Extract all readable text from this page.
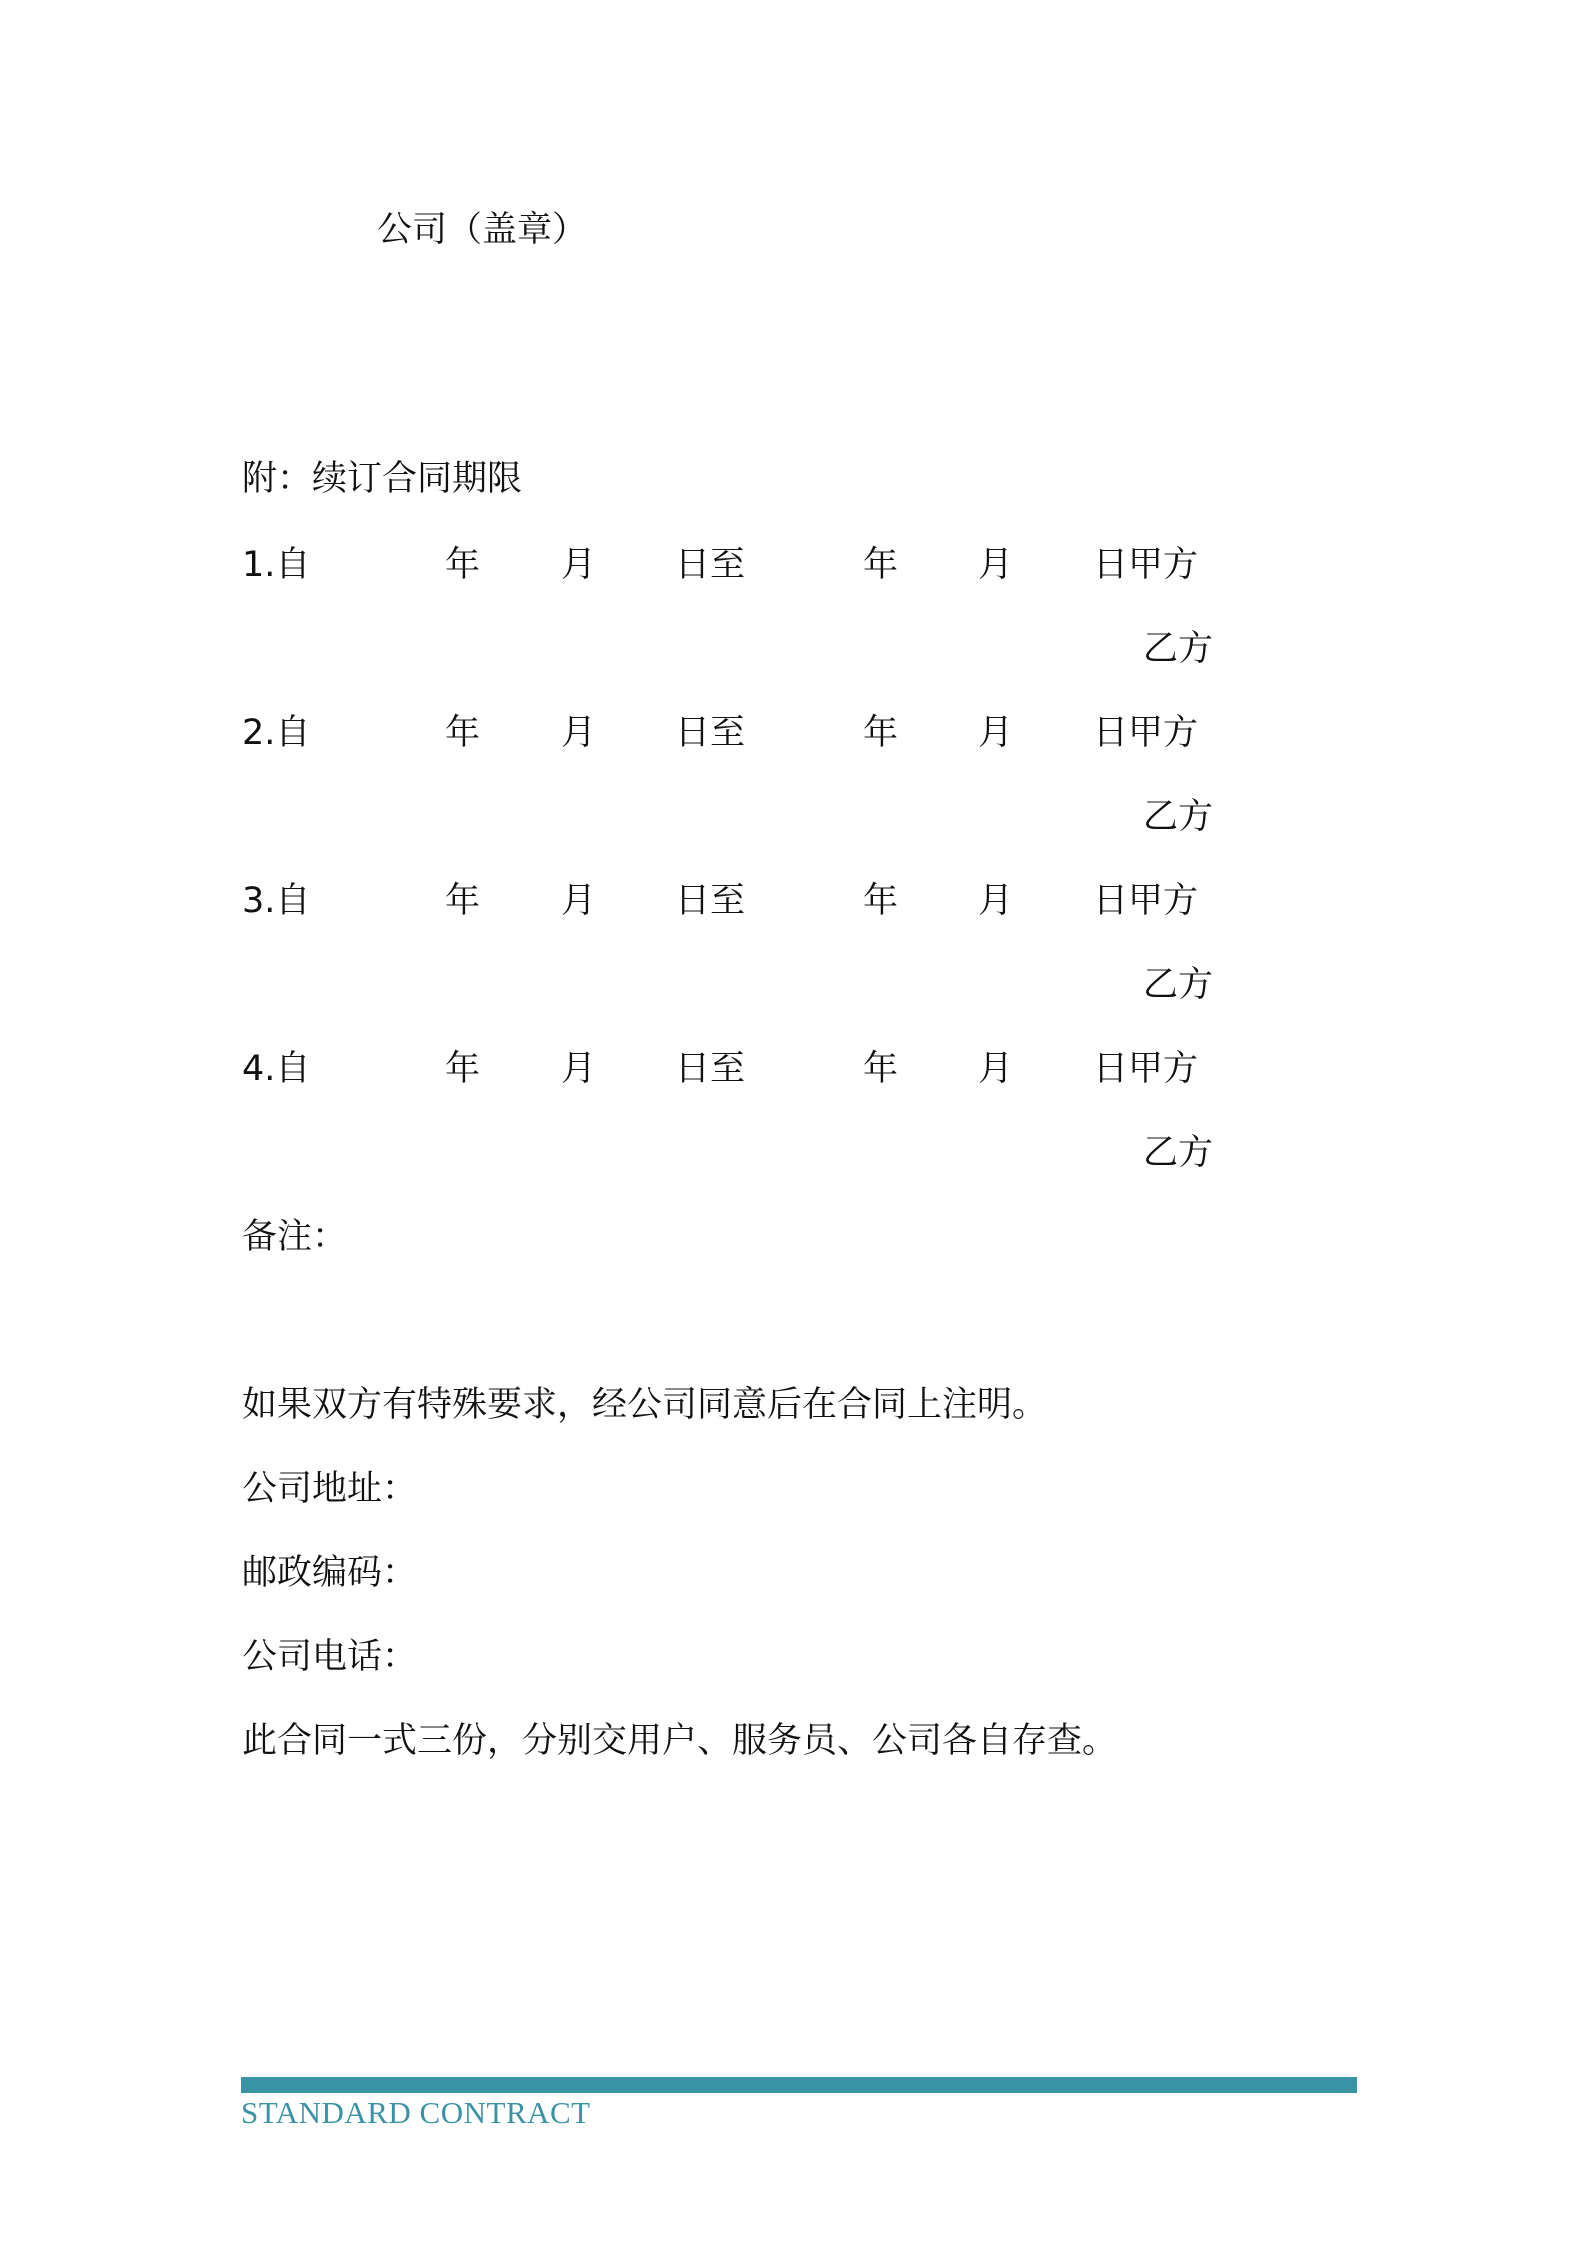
公司（盖章）
附：续订合同期限
1.自	年 月 日至	年 月 日甲方
乙方
2.自	年 月 日至	年 月 日甲方
乙方
3.自	年 月 日至	年 月 日甲方
乙方
4.自	年 月 日至	年 月 日甲方
乙方
备注：
如果双方有特殊要求，经公司同意后在合同上注明。
公司地址：
邮政编码：
公司电话：
此合同一式三份，分别交用户、服务员、公司各自存查。
STANDARD CONTRACT
